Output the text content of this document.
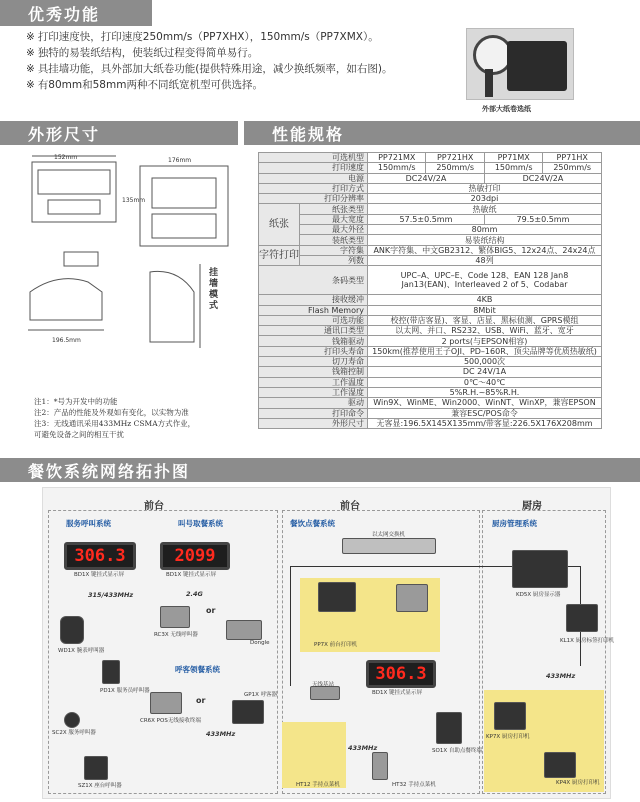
优秀功能
※ 打印速度快，打印速度250mm/s（PP7XHX），150mm/s（PP7XMX）。
※ 独特的易装纸结构，使装纸过程变得简单易行。
※ 具挂墙功能，具外部加大纸卷功能(提供特殊用途，减少换纸频率，如右图)。
※ 有80mm和58mm两种不同纸宽机型可供选择。
外部大纸卷选纸
外形尺寸	性能规格
152mm	176mm
196.5mm
135mm
挂墙模式
注1：*号为开发中的功能
注2：产品的性能及外观如有变化，以实物为准
注3：无线通讯采用433MHz CSMA方式作业，
可避免设备之间的相互干扰
可选机型		PP721MX	PP721HX	PP71MX	PP71HX
打印速度		150mm/s	250mm/s	150mm/s	250mm/s
电源		DC24V/2A		DC24V/2A	
打印方式		热敏打印			
打印分辨率		203dpi			
纸张	纸张类型	热敏纸			
	最大宽度	57.5±0.5mm		79.5±0.5mm	
	最大外径	80mm			
	装纸类型	易装纸结构			
字符打印	字符集	ANK字符集、中文GB2312、繁体BIG5、12x24点、24x24点			
	列数	48列			
条码类型		UPC–A、UPC–E、Code 128、EAN 128 Jan8
Jan13(EAN)、Interleaved 2 of 5、Codabar			

接收缓冲		4KB			
Flash Memory		8Mbit			
可选功能		校控(带店客显)、客显、店显、黑标侦测、GPRS模组			
通讯口类型		以太网、并口、RS232、USB、WiFi、蓝牙、宽牙			
钱箱驱动		2 ports(与EPSON相容)			
打印头寿命		150km(推荐使用王子OJI、PD–160R、顶尖品牌等优质热敏纸)			
切刀寿命		500,000次			
钱箱控制		DC 24V/1A			
工作温度		0℃～40℃			
工作湿度		5%R.H.~85%R.H.			
驱动		Win9X、WinME、Win2000、WinNT、WinXP，兼容EPSON			
打印命令		兼容ESC/POS命令			
外形尺寸		无客显:196.5X145X135mm/带客显:226.5X176X208mm			
餐饮系统网络拓扑图
前台	前台	厨房
服务呼叫系统	叫号取餐系统
呼客领餐系统
餐饮点餐系统	厨房管理系统
306.3	2099
306.3
BD1X 键挂式显示屏	BD1X 键挂式显示屏
BD1X 键挂式显示屏
315/433MHz	2.4G
433MHz
433MHz
433MHz
or
or
WD1X 腕表呼叫器
PD1X 服务员呼叫器
SC2X 服务呼叫器
SZ1X 座台呼叫器
RC3X 无线呼叫器
Dongle
CR6X POS无线接收终端
GP1X 呼客器
以太网交换机
PP7X 前台打印机
无线基站
HT12 手持点菜机	HT32 手持点菜机
SO1X 自助点餐终端
KD5X 厨房显示器
KL1X 厨房标签打印机
KP7X 厨房打印机
KP4X 厨房打印机
